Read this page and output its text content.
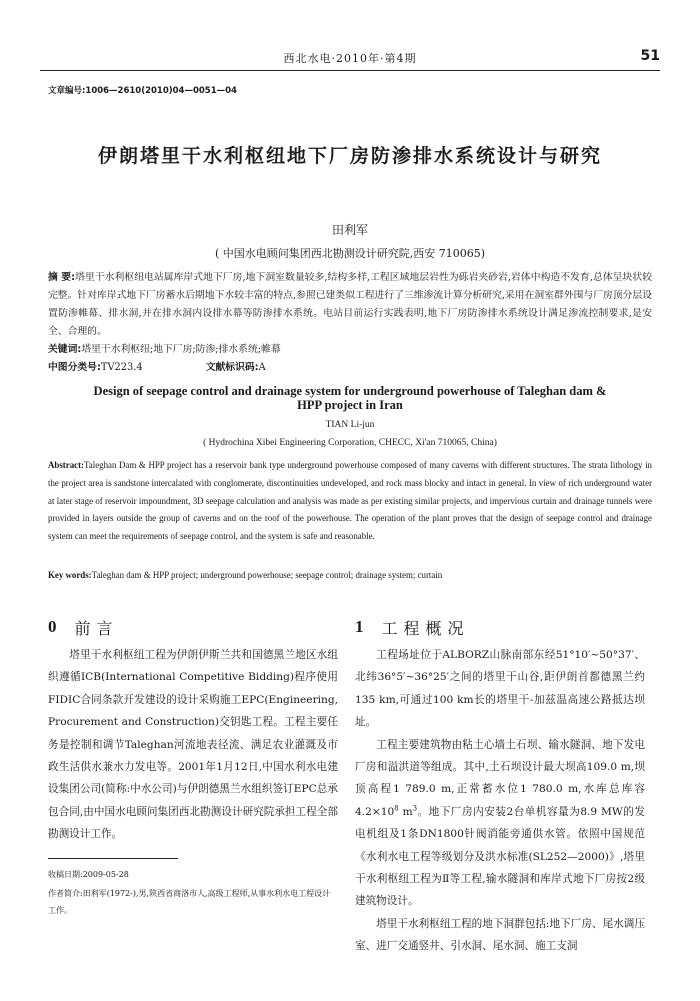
西北水电·2010年·第4期	51
文章编号:1006—2610(2010)04—0051—04
伊朗塔里干水利枢纽地下厂房防渗排水系统设计与研究
田利军
( 中国水电顾问集团西北勘测设计研究院,西安 710065)
摘 要:塔里干水利枢纽电站属库岸式地下厂房,地下洞室数量较多,结构多样,工程区域地层岩性为砾岩夹砂岩,岩体中构造不发育,总体呈块状较完整。针对库岸式地下厂房蓄水后期地下水较丰富的特点,参照已建类似工程进行了三维渗流计算分析研究,采用在洞室群外围与厂房顶分层设置防渗帷幕、排水洞,并在排水洞内设排水幕等防渗排水系统。电站目前运行实践表明,地下厂房防渗排水系统设计满足渗流控制要求,是安全、合理的。
关键词:塔里干水利枢纽;地下厂房;防渗;排水系统;帷幕
中图分类号:TV223.4	文献标识码:A
Design of seepage control and drainage system for underground powerhouse of Taleghan dam & HPP project in Iran
TIAN Li-jun
( Hydrochina Xibei Engineering Corporation, CHECC, Xi'an 710065, China)
Abstract:Taleghan Dam & HPP project has a reservoir bank type underground powerhouse composed of many caverns with different structures. The strata lithology in the project area is sandstone intercalated with conglomerate, discontinuities undeveloped, and rock mass blocky and intact in general. In view of rich underground water at later stage of reservoir impoundment, 3D seepage calculation and analysis was made as per existing similar projects, and impervious curtain and drainage tunnels were provided in layers outside the group of caverns and on the roof of the powerhouse. The operation of the plant proves that the design of seepage control and drainage system can meet the requirements of seepage control, and the system is safe and reasonable.
Key words:Taleghan dam & HPP project; underground powerhouse; seepage control; drainage system; curtain
0 前言

塔里干水利枢纽工程为伊朗伊斯兰共和国德黑兰地区水组织遵循ICB(International Competitive Bidding)程序使用FIDIC合同条款开发建设的设计采购施工EPC(Engineering, Procurement and Construction)交钥匙工程。工程主要任务是控制和调节Taleghan河流地表径流、满足农业灌溉及市政生活供水兼水力发电等。2001年1月12日,中国水利水电建设集团公司(简称:中水公司)与伊朗德黑兰水组织签订EPC总承包合同,由中国水电顾问集团西北勘测设计研究院承担工程全部勘测设计工作。

收稿日期:2009-05-28
作者简介:田利军(1972-),男,陕西省商洛市人,高级工程师,从事水利水电工程设计工作。
1 工程概况

工程场址位于ALBORZ山脉南部东经51°10′~50°37′、北纬36°5′~36°25′之间的塔里干山谷,距伊朗首都德黑兰约135 km,可通过100 km长的塔里干-加兹温高速公路抵达坝址。

工程主要建筑物由粘土心墙土石坝、输水隧洞、地下发电厂房和溢洪道等组成。其中,土石坝设计最大坝高109.0 m,坝顶高程1 789.0 m,正常蓄水位1 780.0 m,水库总库容$4.2\times 10^8$ $m^3$。地下厂房内安装2台单机容量为8.9 MW的发电机组及1条DN1800针阀消能旁通供水管。依照中国规范《水利水电工程等级划分及洪水标准(SL252—2000)》,塔里干水利枢纽工程为Ⅱ等工程,输水隧洞和库岸式地下厂房按2级建筑物设计。

塔里干水利枢纽工程的地下洞群包括:地下厂房、尾水调压室、进厂交通竖井、引水洞、尾水洞、施工支洞
